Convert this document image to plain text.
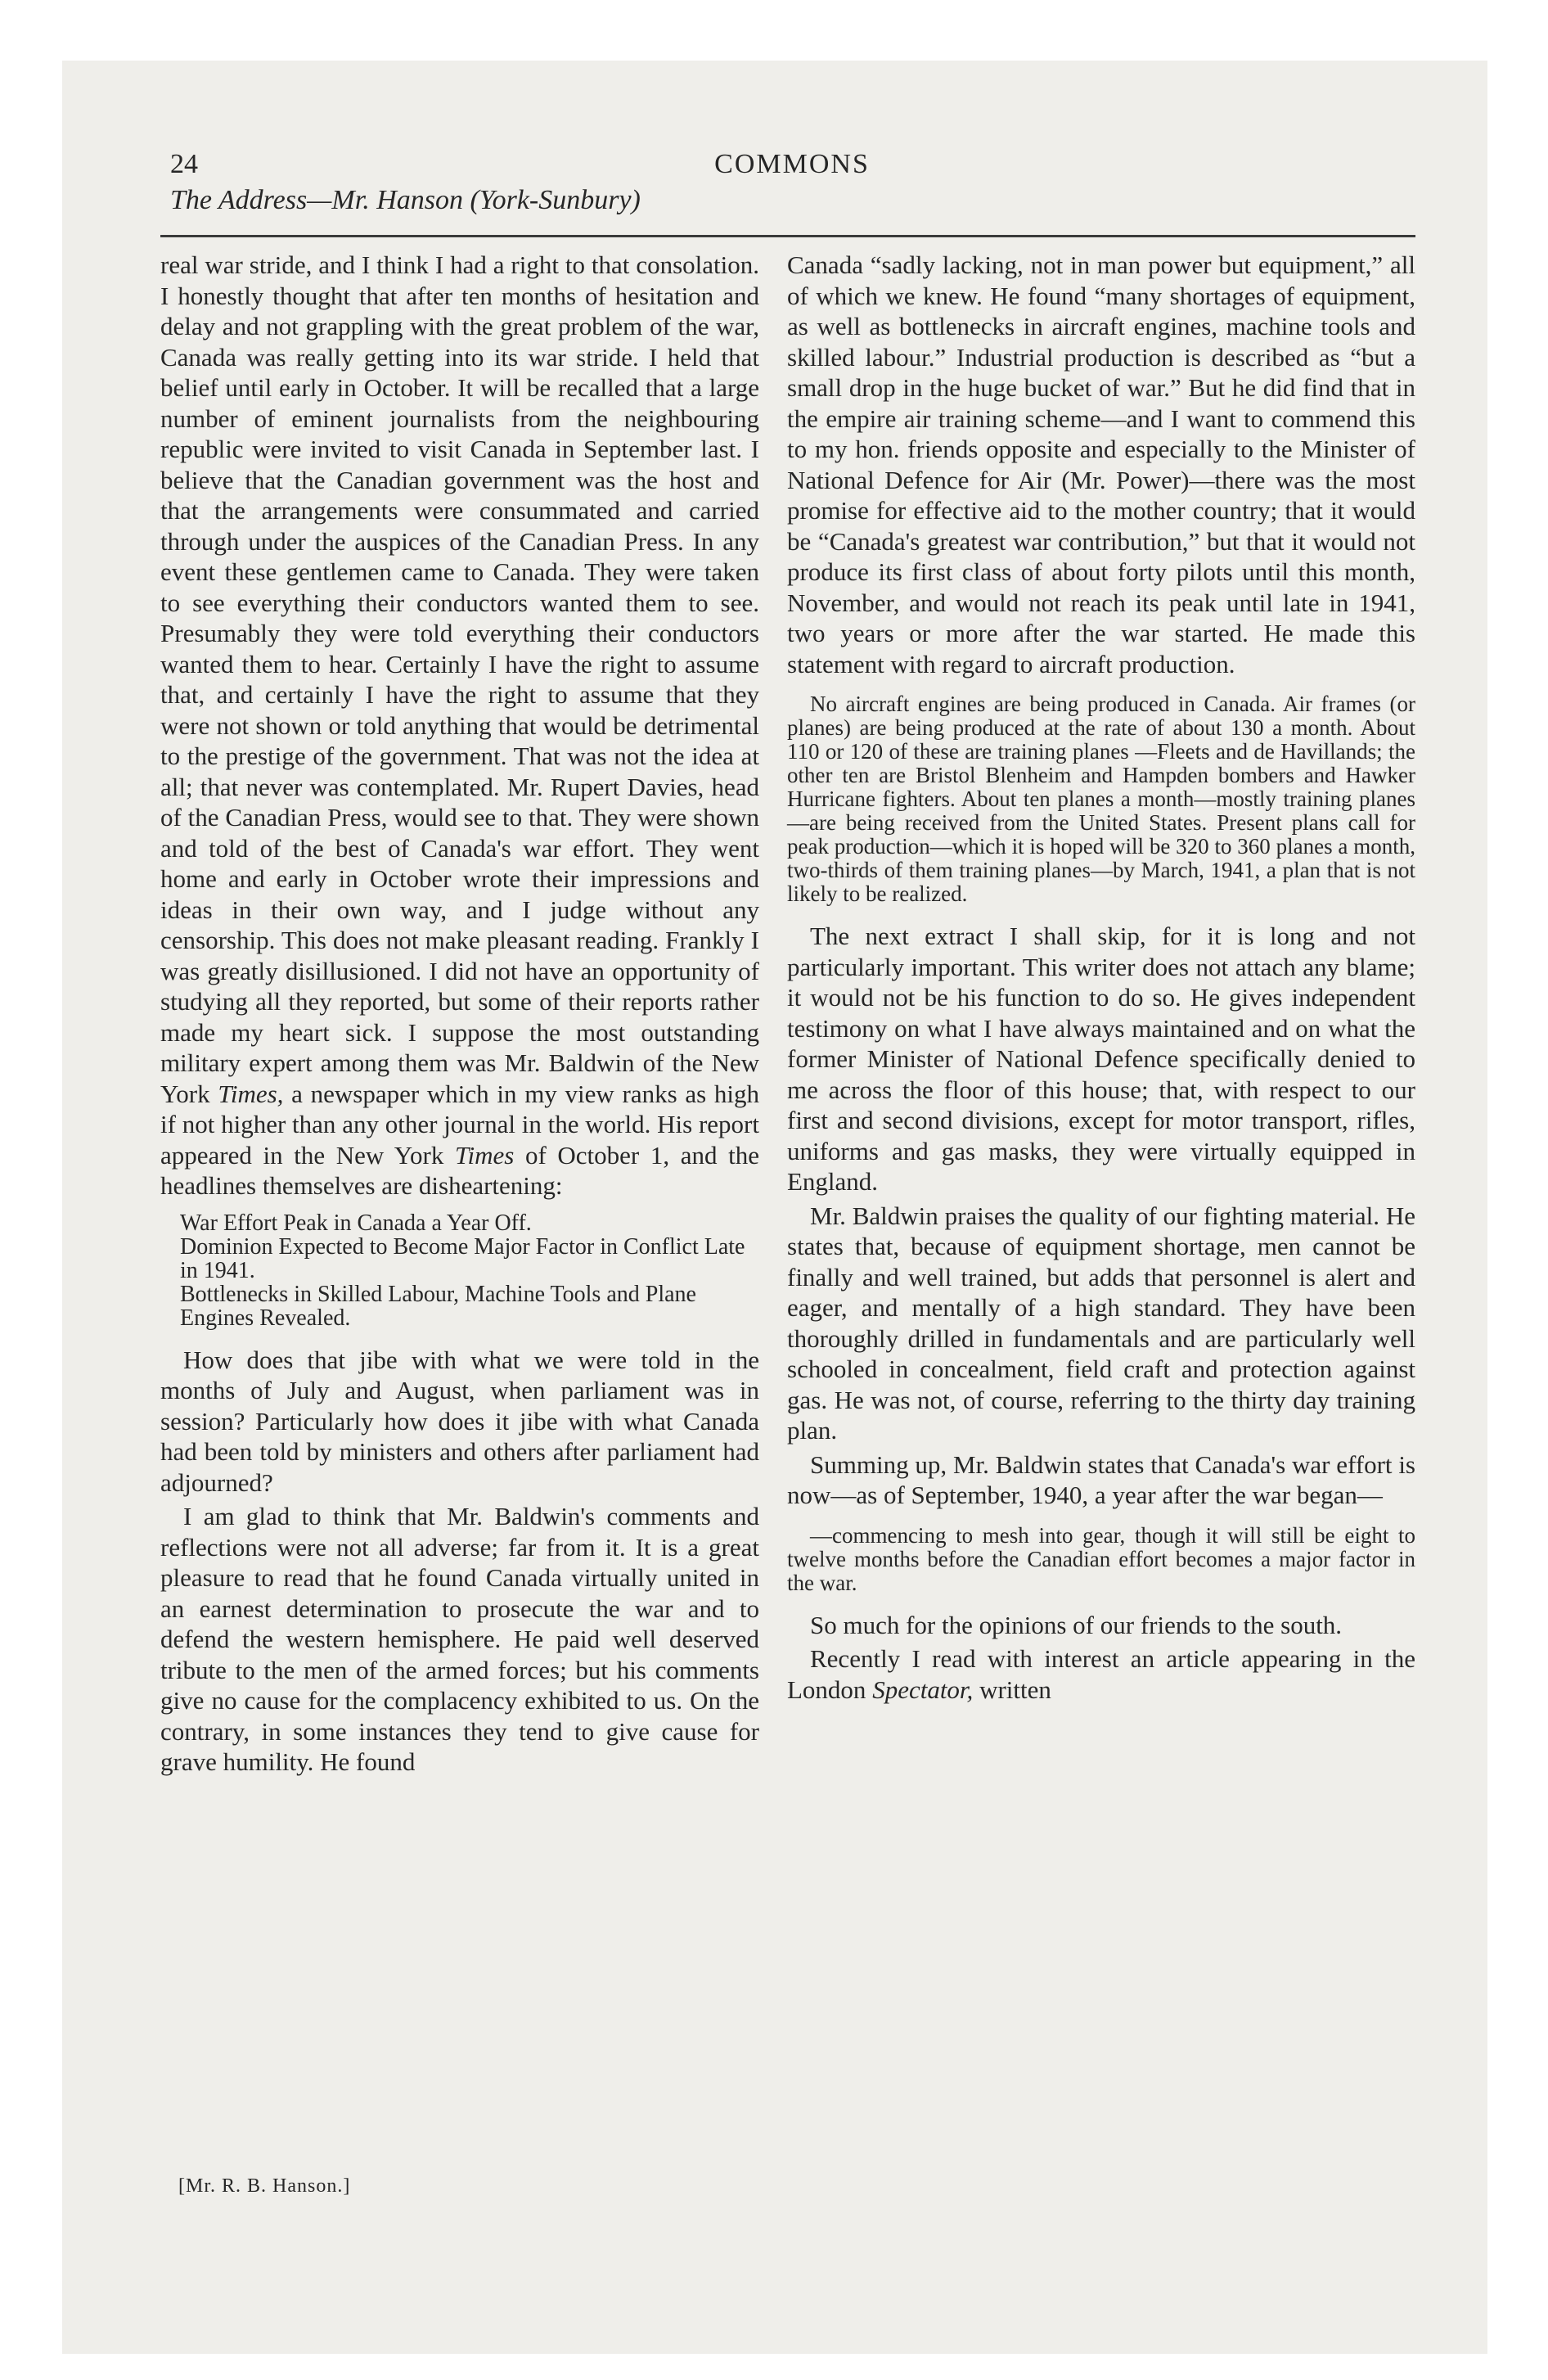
24	COMMONS
The Address—Mr. Hanson (York-Sunbury)

real war stride, and I think I had a right to that consolation. I honestly thought that after ten months of hesitation and delay and not grappling with the great problem of the war, Canada was really getting into its war stride. I held that belief until early in October. It will be recalled that a large number of eminent journalists from the neighbouring republic were invited to visit Canada in September last. I believe that the Canadian government was the host and that the arrangements were consummated and carried through under the auspices of the Canadian Press. In any event these gentlemen came to Canada. They were taken to see everything their conductors wanted them to see. Presumably they were told everything their conductors wanted them to hear. Certainly I have the right to assume that, and certainly I have the right to assume that they were not shown or told anything that would be detrimental to the prestige of the government. That was not the idea at all; that never was contemplated. Mr. Rupert Davies, head of the Canadian Press, would see to that. They were shown and told of the best of Canada's war effort. They went home and early in October wrote their impressions and ideas in their own way, and I judge without any censorship. This does not make pleasant reading. Frankly I was greatly disillusioned. I did not have an opportunity of studying all they reported, but some of their reports rather made my heart sick. I suppose the most outstanding military expert among them was Mr. Baldwin of the New York Times, a newspaper which in my view ranks as high if not higher than any other journal in the world. His report appeared in the New York Times of October 1, and the headlines themselves are disheartening:

War Effort Peak in Canada a Year Off.
Dominion Expected to Become Major Factor in Conflict Late in 1941.
Bottlenecks in Skilled Labour, Machine Tools and Plane Engines Revealed.

How does that jibe with what we were told in the months of July and August, when parliament was in session? Particularly how does it jibe with what Canada had been told by ministers and others after parliament had adjourned?

I am glad to think that Mr. Baldwin's comments and reflections were not all adverse; far from it. It is a great pleasure to read that he found Canada virtually united in an earnest determination to prosecute the war and to defend the western hemisphere. He paid well deserved tribute to the men of the armed forces; but his comments give no cause for the complacency exhibited to us. On the contrary, in some instances they tend to give cause for grave humility. He found

[Mr. R. B. Hanson.]

Canada “sadly lacking, not in man power but equipment,” all of which we knew. He found “many shortages of equipment, as well as bottlenecks in aircraft engines, machine tools and skilled labour.” Industrial production is described as “but a small drop in the huge bucket of war.” But he did find that in the empire air training scheme—and I want to commend this to my hon. friends opposite and especially to the Minister of National Defence for Air (Mr. Power)—there was the most promise for effective aid to the mother country; that it would be “Canada's greatest war contribution,” but that it would not produce its first class of about forty pilots until this month, November, and would not reach its peak until late in 1941, two years or more after the war started. He made this statement with regard to aircraft production.

No aircraft engines are being produced in Canada. Air frames (or planes) are being produced at the rate of about 130 a month. About 110 or 120 of these are training planes —Fleets and de Havillands; the other ten are Bristol Blenheim and Hampden bombers and Hawker Hurricane fighters. About ten planes a month—mostly training planes—are being received from the United States. Present plans call for peak production—which it is hoped will be 320 to 360 planes a month, two-thirds of them training planes—by March, 1941, a plan that is not likely to be realized.

The next extract I shall skip, for it is long and not particularly important. This writer does not attach any blame; it would not be his function to do so. He gives independent testimony on what I have always maintained and on what the former Minister of National Defence specifically denied to me across the floor of this house; that, with respect to our first and second divisions, except for motor transport, rifles, uniforms and gas masks, they were virtually equipped in England.

Mr. Baldwin praises the quality of our fighting material. He states that, because of equipment shortage, men cannot be finally and well trained, but adds that personnel is alert and eager, and mentally of a high standard. They have been thoroughly drilled in fundamentals and are particularly well schooled in concealment, field craft and protection against gas. He was not, of course, referring to the thirty day training plan.

Summing up, Mr. Baldwin states that Canada's war effort is now—as of September, 1940, a year after the war began—

—commencing to mesh into gear, though it will still be eight to twelve months before the Canadian effort becomes a major factor in the war.

So much for the opinions of our friends to the south.

Recently I read with interest an article appearing in the London Spectator, written
